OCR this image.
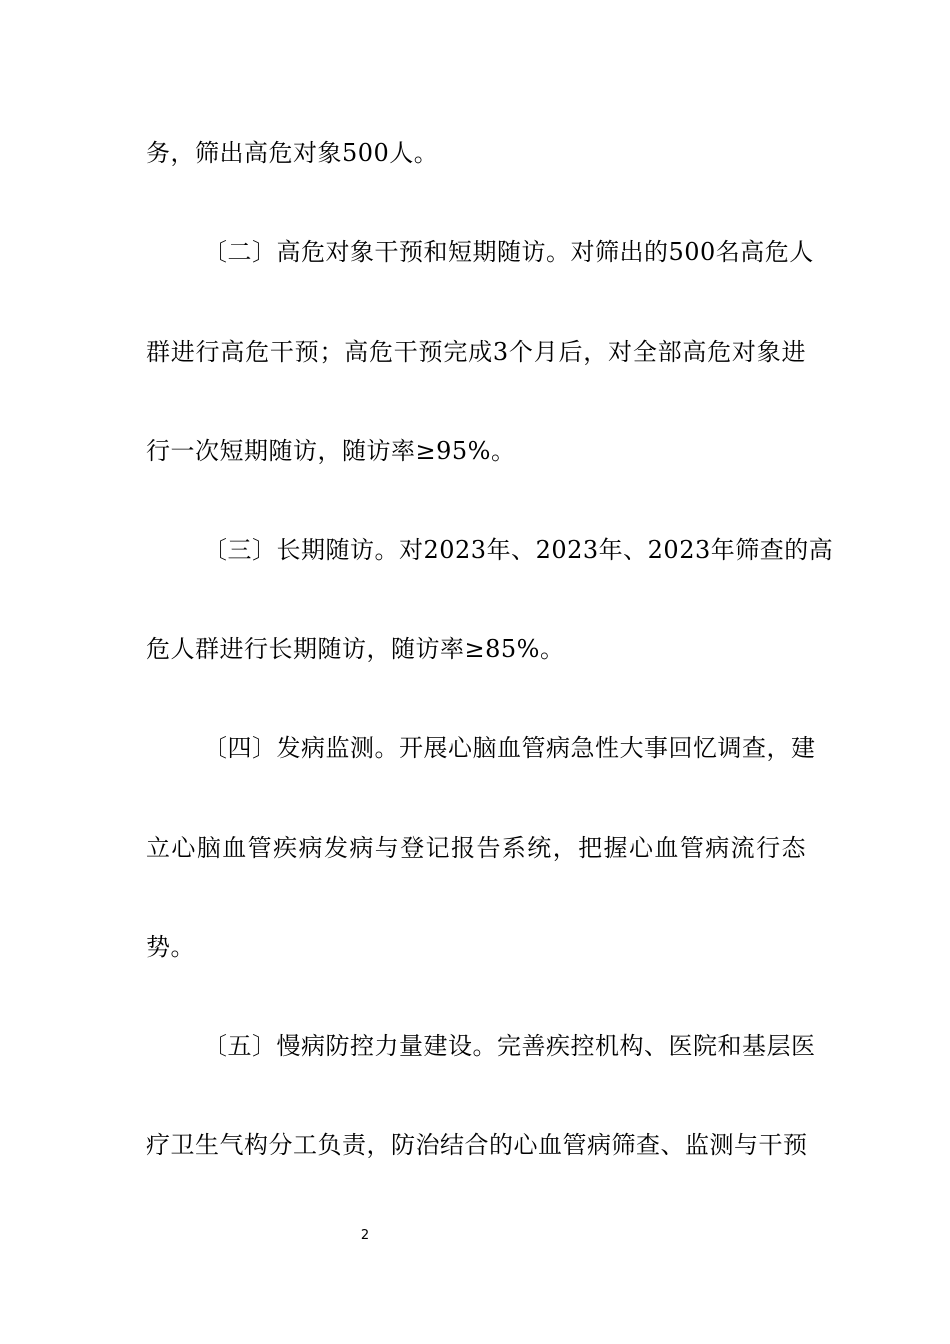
务，筛出高危对象500人。
〔二〕高危对象干预和短期随访。对筛出的500名高危人
群进行高危干预；高危干预完成3个月后，对全部高危对象进
行一次短期随访，随访率≥95%。
〔三〕长期随访。对2023年、2023年、2023年筛查的高
危人群进行长期随访，随访率≥85%。
〔四〕发病监测。开展心脑血管病急性大事回忆调查，建
立心脑血管疾病发病与登记报告系统，把握心血管病流行态
势。
〔五〕慢病防控力量建设。完善疾控机构、医院和基层医
疗卫生气构分工负责，防治结合的心血管病筛查、监测与干预
2
